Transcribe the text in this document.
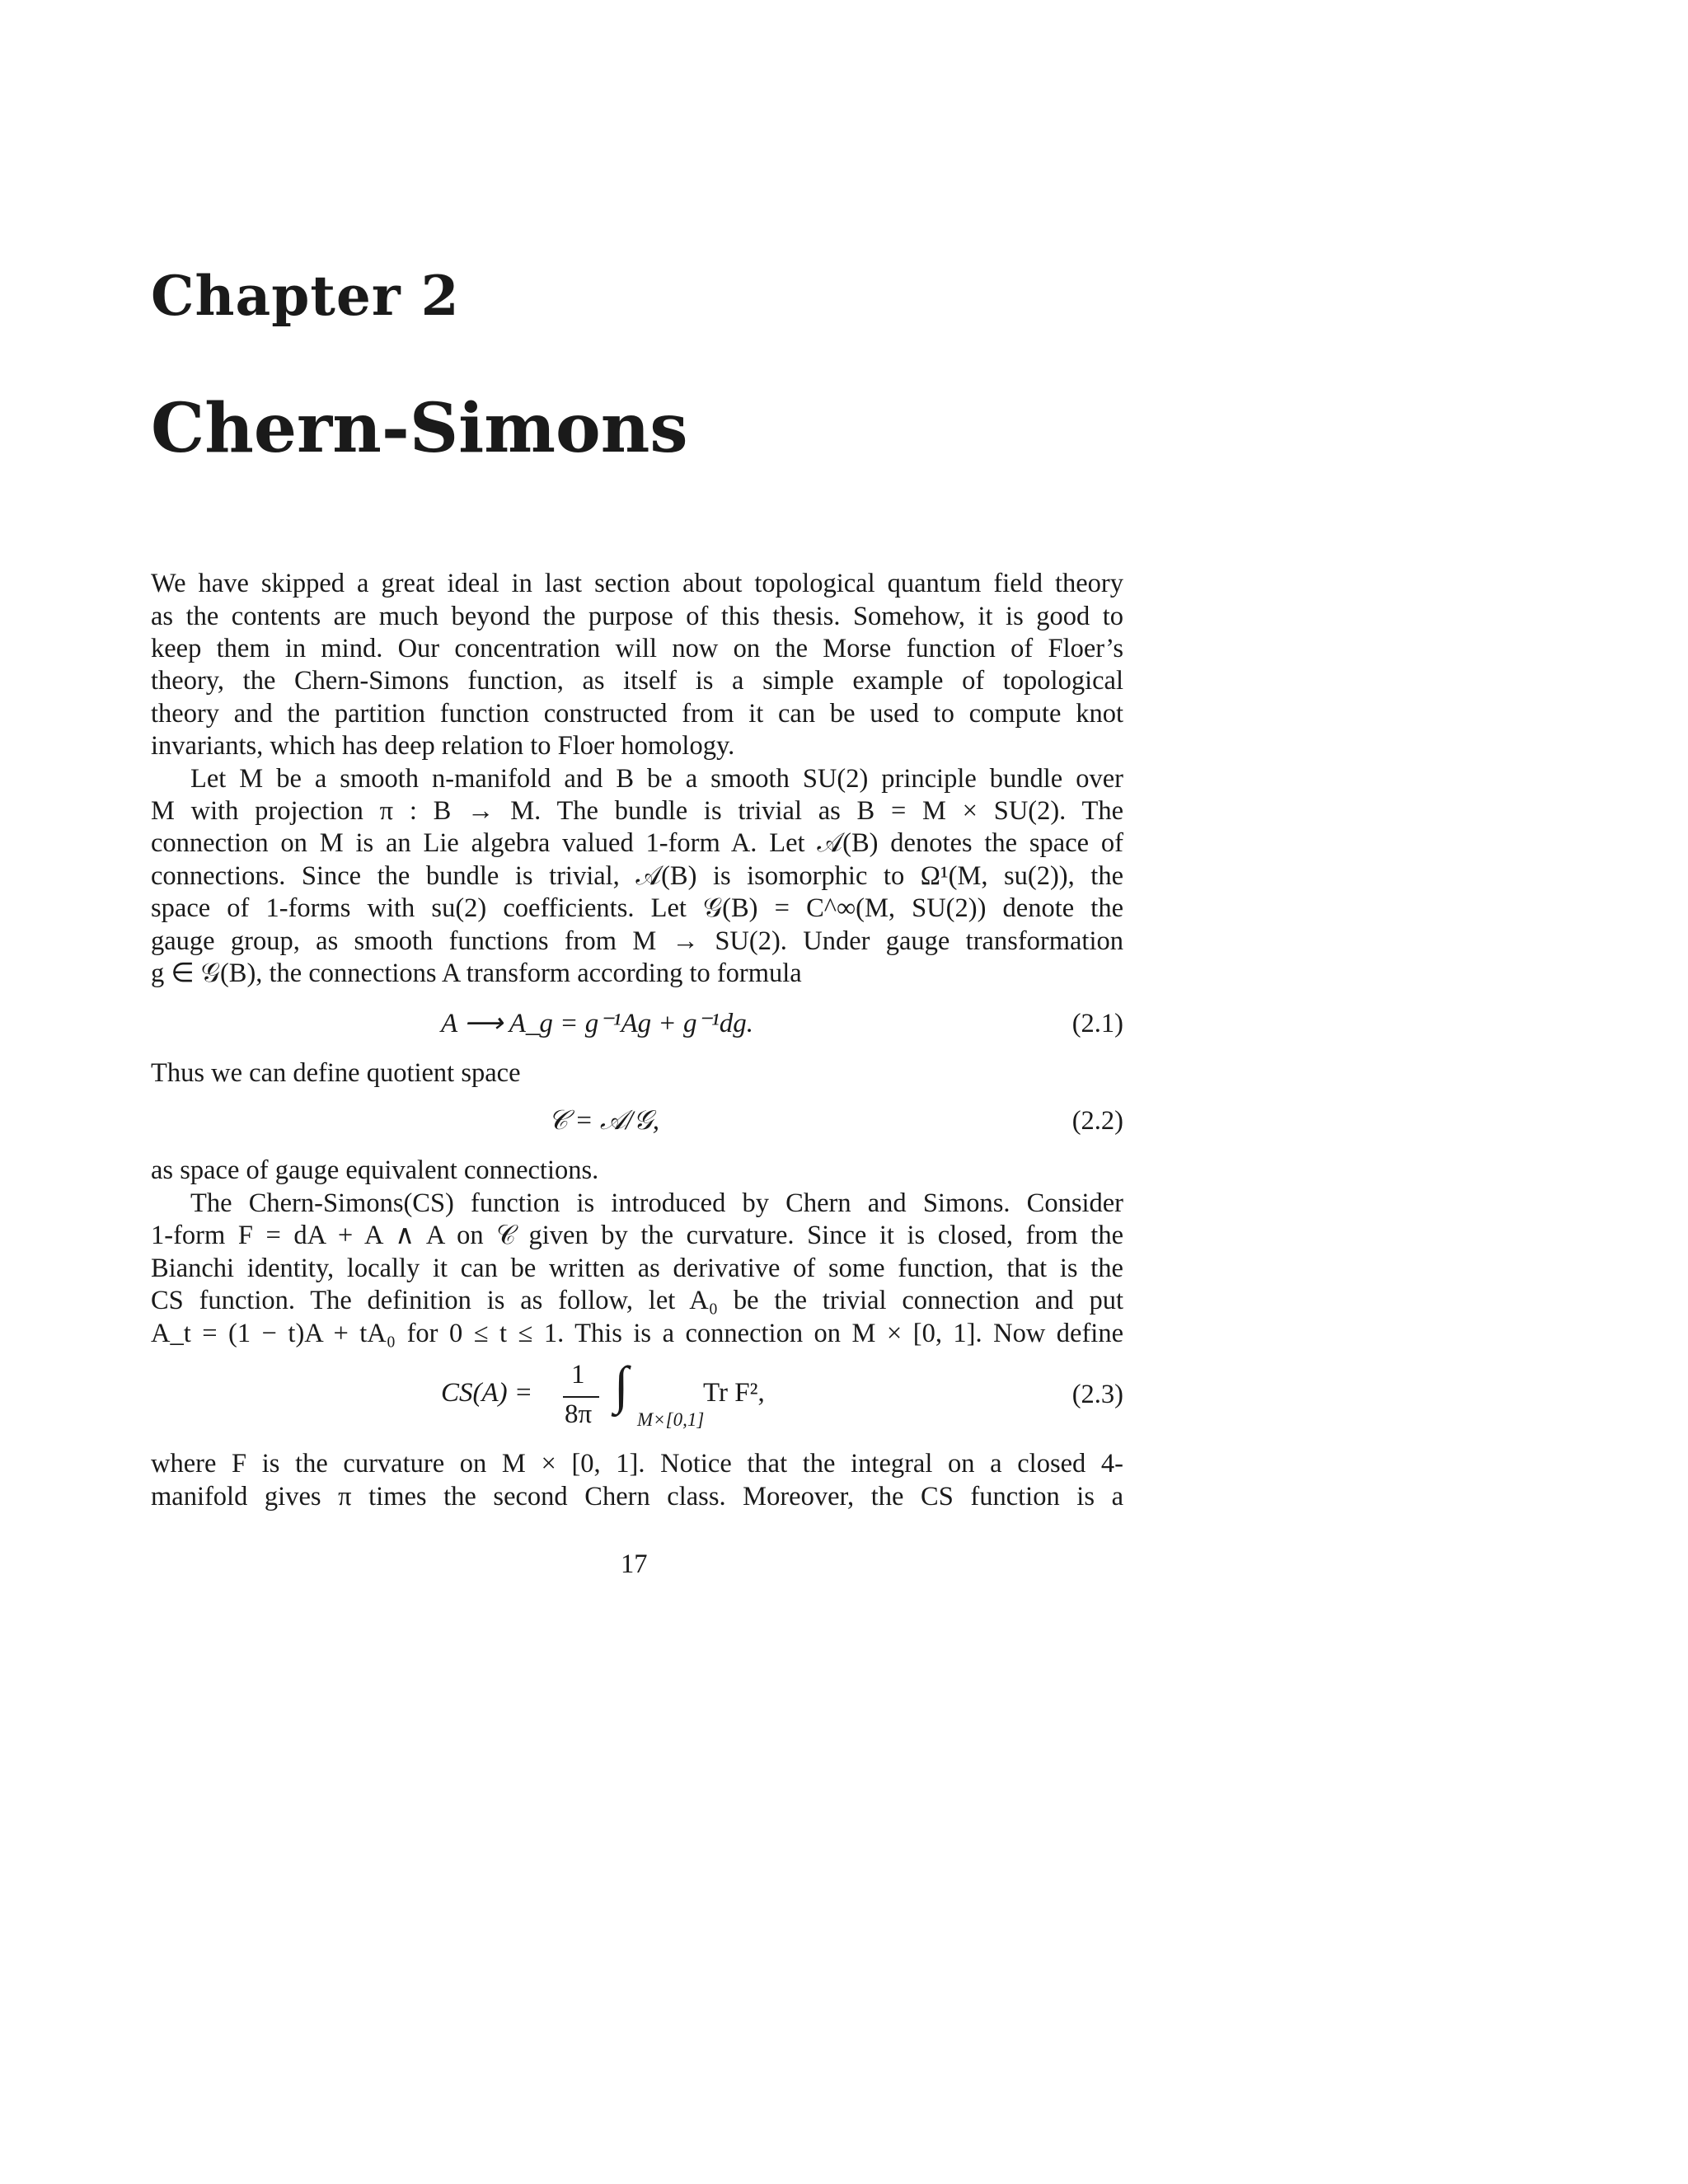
Chapter 2
Chern-Simons
We have skipped a great ideal in last section about topological quantum field theory
as the contents are much beyond the purpose of this thesis. Somehow, it is good to
keep them in mind. Our concentration will now on the Morse function of Floer’s
theory, the Chern-Simons function, as itself is a simple example of topological
theory and the partition function constructed from it can be used to compute knot
invariants, which has deep relation to Floer homology.
Let M be a smooth n-manifold and B be a smooth SU(2) principle bundle over
M with projection π : B → M. The bundle is trivial as B = M × SU(2). The
connection on M is an Lie algebra valued 1-form A. Let 𝒜(B) denotes the space of
connections. Since the bundle is trivial, 𝒜(B) is isomorphic to Ω¹(M, su(2)), the
space of 1-forms with su(2) coefficients. Let 𝒢(B) = C^∞(M, SU(2)) denote the
gauge group, as smooth functions from M → SU(2). Under gauge transformation
g ∈ 𝒢(B), the connections A transform according to formula
A ⟶ A_g = g⁻¹Ag + g⁻¹dg.	(2.1)
Thus we can define quotient space
𝒞 = 𝒜/𝒢,	(2.2)
as space of gauge equivalent connections.
The Chern-Simons(CS) function is introduced by Chern and Simons. Consider
1-form F = dA + A ∧ A on 𝒞 given by the curvature. Since it is closed, from the
Bianchi identity, locally it can be written as derivative of some function, that is the
CS function. The definition is as follow, let A₀ be the trivial connection and put
A_t = (1 − t)A + tA₀ for 0 ≤ t ≤ 1. This is a connection on M × [0, 1]. Now define
CS(A) =
1
8π ∫
M×[0,1]
Tr F²,	(2.3)
where F is the curvature on M × [0, 1]. Notice that the integral on a closed 4-
manifold gives π times the second Chern class. Moreover, the CS function is a
17
